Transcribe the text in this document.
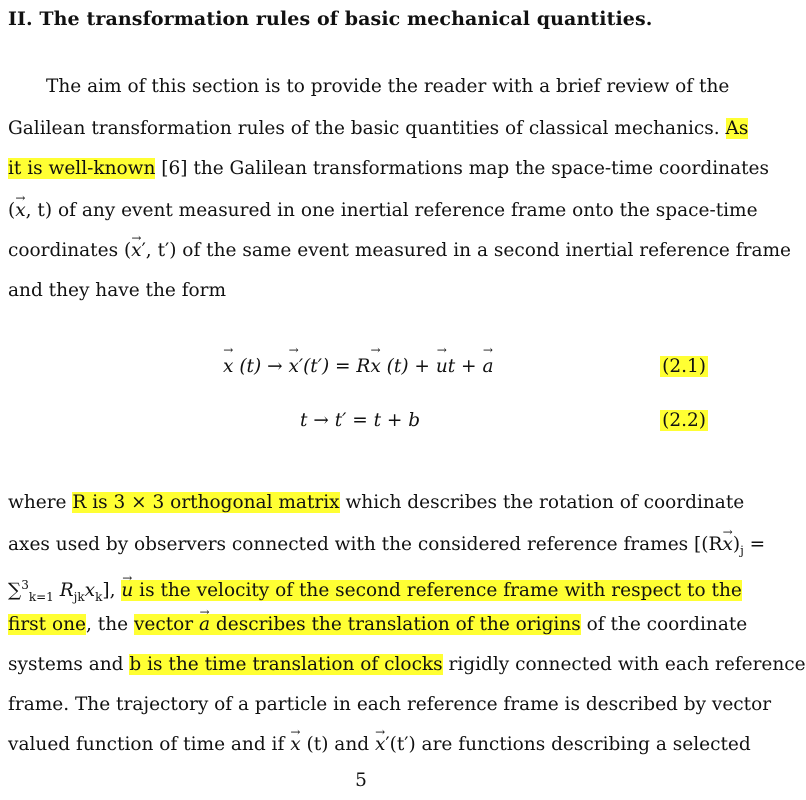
II. The transformation rules of basic mechanical quantities.
The aim of this section is to provide the reader with a brief review of the
Galilean transformation rules of the basic quantities of classical mechanics. As
it is well-known [6] the Galilean transformations map the space-time coordinates
(→ x, t) of any event measured in one inertial reference frame onto the space-time
coordinates (→ x′, t′) of the same event measured in a second inertial reference frame
and they have the form
→ x (t) → → x′(t′) = R→ x (t) + → ut + → a	(2.1)
t → t′ = t + b	(2.2)
where R is 3 × 3 orthogonal matrix which describes the rotation of coordinate
axes used by observers connected with the considered reference frames [$(R\to x)_j$ =
∑$^3_{k=1}$ $R_{jk}x_k$], → u is the velocity of the second reference frame with respect to the
first one, the vector → a describes the translation of the origins of the coordinate
systems and b is the time translation of clocks rigidly connected with each reference
frame. The trajectory of a particle in each reference frame is described by vector
valued function of time and if → x (t) and → x′(t′) are functions describing a selected
5
